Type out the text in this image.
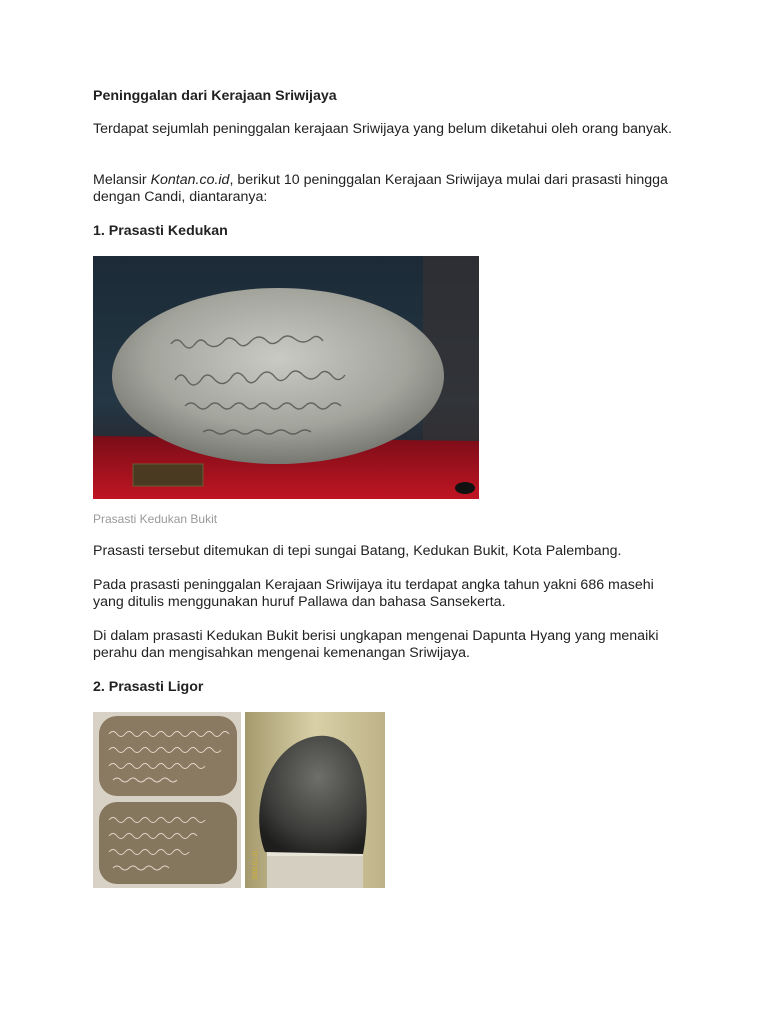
Peninggalan dari Kerajaan Sriwijaya

Terdapat sejumlah peninggalan kerajaan Sriwijaya yang belum diketahui oleh orang banyak.

Melansir Kontan.co.id, berikut 10 peninggalan Kerajaan Sriwijaya mulai dari prasasti hingga dengan Candi, diantaranya:

1. Prasasti Kedukan

Prasasti Kedukan Bukit

Prasasti tersebut ditemukan di tepi sungai Batang, Kedukan Bukit, Kota Palembang.

Pada prasasti peninggalan Kerajaan Sriwijaya itu terdapat angka tahun yakni 686 masehi yang ditulis menggunakan huruf Pallawa dan bahasa Sansekerta.

Di dalam prasasti Kedukan Bukit berisi ungkapan mengenai Dapunta Hyang yang menaiki perahu dan mengisahkan mengenai kemenangan Sriwijaya.

2. Prasasti Ligor

2002.01.01
